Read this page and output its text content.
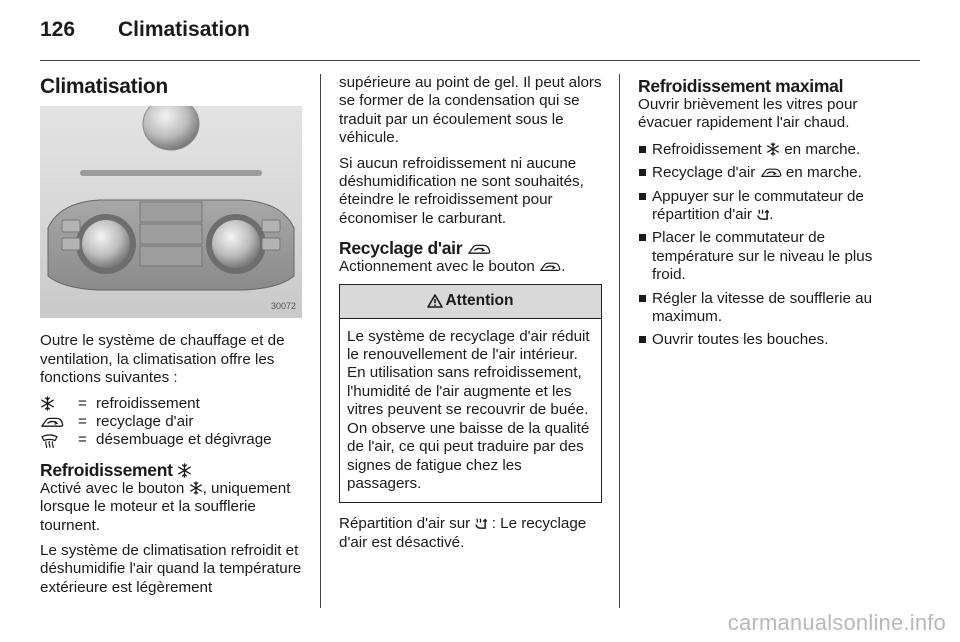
126	Climatisation
Climatisation
30072

Outre le système de chauffage et de ventilation, la climatisation offre les fonctions suivantes :

= refroidissement
= recyclage d'air
= désembuage et dégivrage
Refroidissement

Activé avec le bouton , uniquement lorsque le moteur et la soufflerie tournent.

Le système de climatisation refroidit et déshumidifie l'air quand la température extérieure est légèrement

supérieure au point de gel. Il peut alors se former de la condensation qui se traduit par un écoulement sous le véhicule.

Si aucun refroidissement ni aucune déshumidification ne sont souhaités, éteindre le refroidissement pour économiser le carburant.

Recyclage d'air

Actionnement avec le bouton .

Attention
Le système de recyclage d'air réduit le renouvellement de l'air intérieur. En utilisation sans refroidissement, l'humidité de l'air augmente et les vitres peuvent se recouvrir de buée. On observe une baisse de la qualité de l'air, ce qui peut traduire par des signes de fatigue chez les passagers.

Répartition d'air sur : Le recyclage d'air est désactivé.

Refroidissement maximal

Ouvrir brièvement les vitres pour évacuer rapidement l'air chaud.

Refroidissement en marche.
Recyclage d'air en marche.
Appuyer sur le commutateur de répartition d'air .
Placer le commutateur de température sur le niveau le plus froid.
Régler la vitesse de soufflerie au maximum.
Ouvrir toutes les bouches.
carmanualsonline.info
